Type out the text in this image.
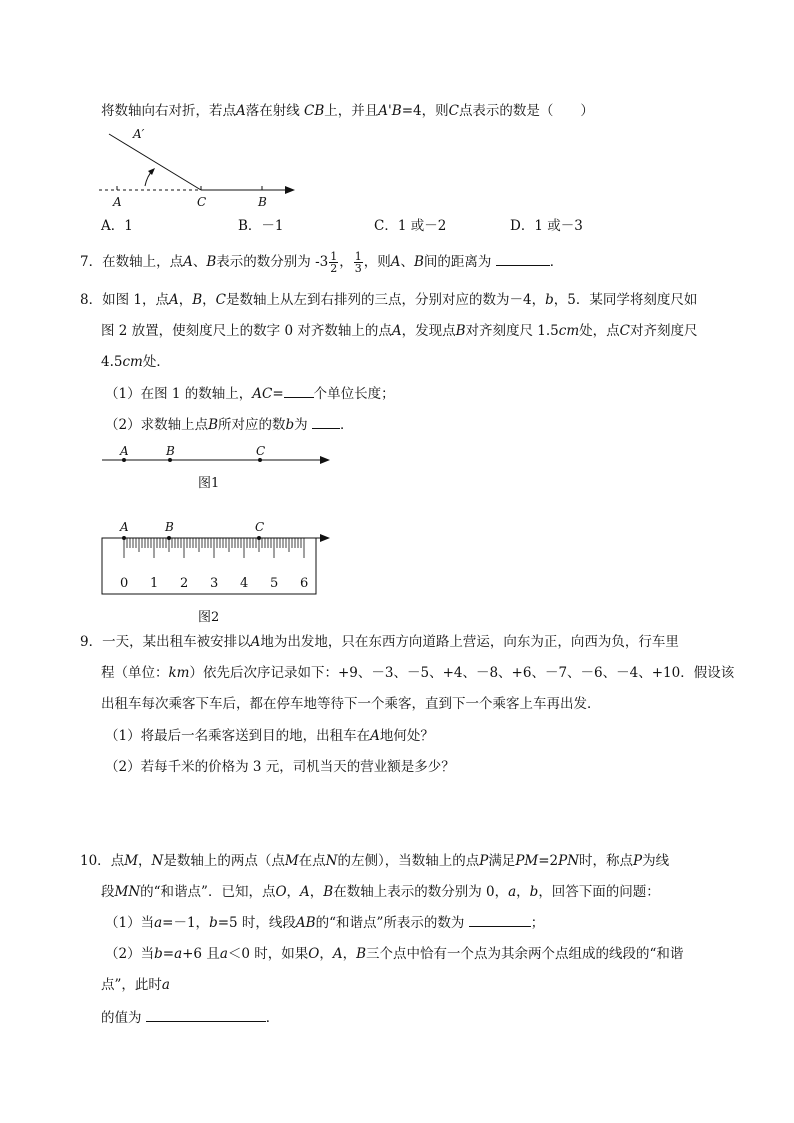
将数轴向右对折，若点A落在射线 CB上，并且A'B=4，则C点表示的数是（　　）
A′
A	C	B
A．1	B．－1	C．1 或－2	D．1 或－3
7．在数轴上，点A、B表示的数分别为 $-3 \frac{1}{2}$ ， $\frac{1}{3}$ ，则A、B间的距离为	．
8．如图 1，点A，B，C是数轴上从左到右排列的三点，分别对应的数为－4，b，5．某同学将刻度尺如
图 2 放置，使刻度尺上的数字 0 对齐数轴上的点A，发现点B对齐刻度尺 1.5cm处，点C对齐刻度尺
4.5cm处．
（1）在图 1 的数轴上，AC= 个单位长度；
（2）求数轴上点B所对应的数b为 ．
A	B	C
图1
0 1 2 3 4 5 6
A	B	C
图2
9．一天，某出租车被安排以A地为出发地，只在东西方向道路上营运，向东为正，向西为负，行车里
程（单位：km）依先后次序记录如下：+9、－3、－5、+4、－8、+6、－7、－6、－4、+10．假设该
出租车每次乘客下车后，都在停车地等待下一个乘客，直到下一个乘客上车再出发．
（1）将最后一名乘客送到目的地，出租车在A地何处？
（2）若每千米的价格为 3 元，司机当天的营业额是多少？
10．点M，N是数轴上的两点（点M在点N的左侧），当数轴上的点P满足PM=2PN时，称点P为线
段MN的“和谐点”．已知，点O，A，B在数轴上表示的数分别为 0，a，b，回答下面的问题：
（1）当a=－1，b=5 时，线段AB的“和谐点”所表示的数为	；
（2）当b=a+6 且a＜0 时，如果O，A，B三个点中恰有一个点为其余两个点组成的线段的“和谐
点”，此时a
的值为	．
